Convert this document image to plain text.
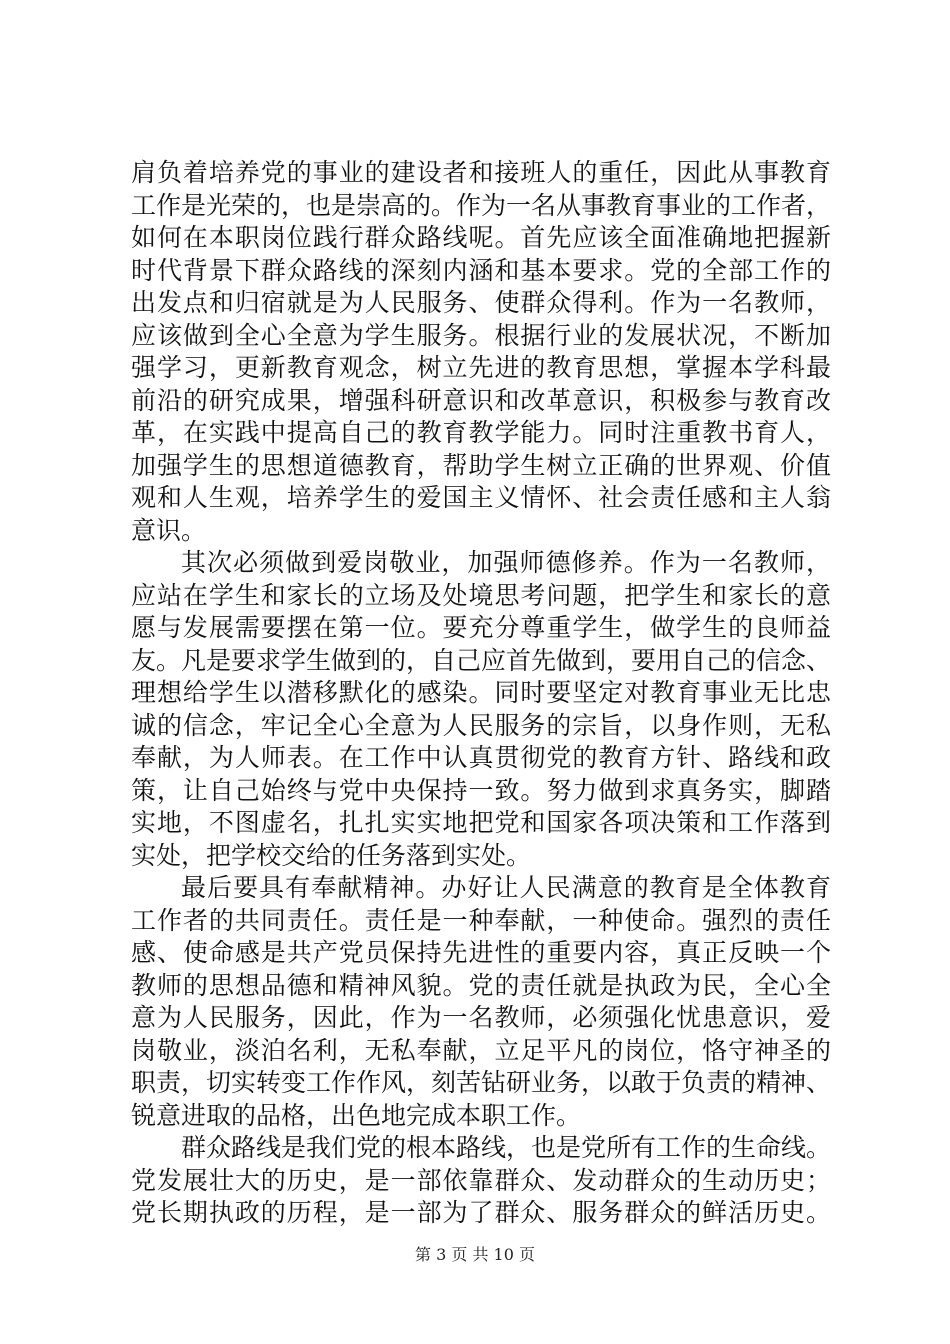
肩负着培养党的事业的建设者和接班人的重任，因此从事教育
工作是光荣的，也是崇高的。作为一名从事教育事业的工作者，
如何在本职岗位践行群众路线呢。首先应该全面准确地把握新
时代背景下群众路线的深刻内涵和基本要求。党的全部工作的
出发点和归宿就是为人民服务、使群众得利。作为一名教师，
应该做到全心全意为学生服务。根据行业的发展状况，不断加
强学习，更新教育观念，树立先进的教育思想，掌握本学科最
前沿的研究成果，增强科研意识和改革意识，积极参与教育改
革，在实践中提高自己的教育教学能力。同时注重教书育人，
加强学生的思想道德教育，帮助学生树立正确的世界观、价值
观和人生观，培养学生的爱国主义情怀、社会责任感和主人翁
意识。
其次必须做到爱岗敬业，加强师德修养。作为一名教师，
应站在学生和家长的立场及处境思考问题，把学生和家长的意
愿与发展需要摆在第一位。要充分尊重学生，做学生的良师益
友。凡是要求学生做到的，自己应首先做到，要用自己的信念、
理想给学生以潜移默化的感染。同时要坚定对教育事业无比忠
诚的信念，牢记全心全意为人民服务的宗旨，以身作则，无私
奉献，为人师表。在工作中认真贯彻党的教育方针、路线和政
策，让自己始终与党中央保持一致。努力做到求真务实，脚踏
实地，不图虚名，扎扎实实地把党和国家各项决策和工作落到
实处，把学校交给的任务落到实处。
最后要具有奉献精神。办好让人民满意的教育是全体教育
工作者的共同责任。责任是一种奉献，一种使命。强烈的责任
感、使命感是共产党员保持先进性的重要内容，真正反映一个
教师的思想品德和精神风貌。党的责任就是执政为民，全心全
意为人民服务，因此，作为一名教师，必须强化忧患意识，爱
岗敬业，淡泊名利，无私奉献，立足平凡的岗位，恪守神圣的
职责，切实转变工作作风，刻苦钻研业务，以敢于负责的精神、
锐意进取的品格，出色地完成本职工作。
群众路线是我们党的根本路线，也是党所有工作的生命线。
党发展壮大的历史，是一部依靠群众、发动群众的生动历史；
党长期执政的历程，是一部为了群众、服务群众的鲜活历史。
第 3 页 共 10 页
